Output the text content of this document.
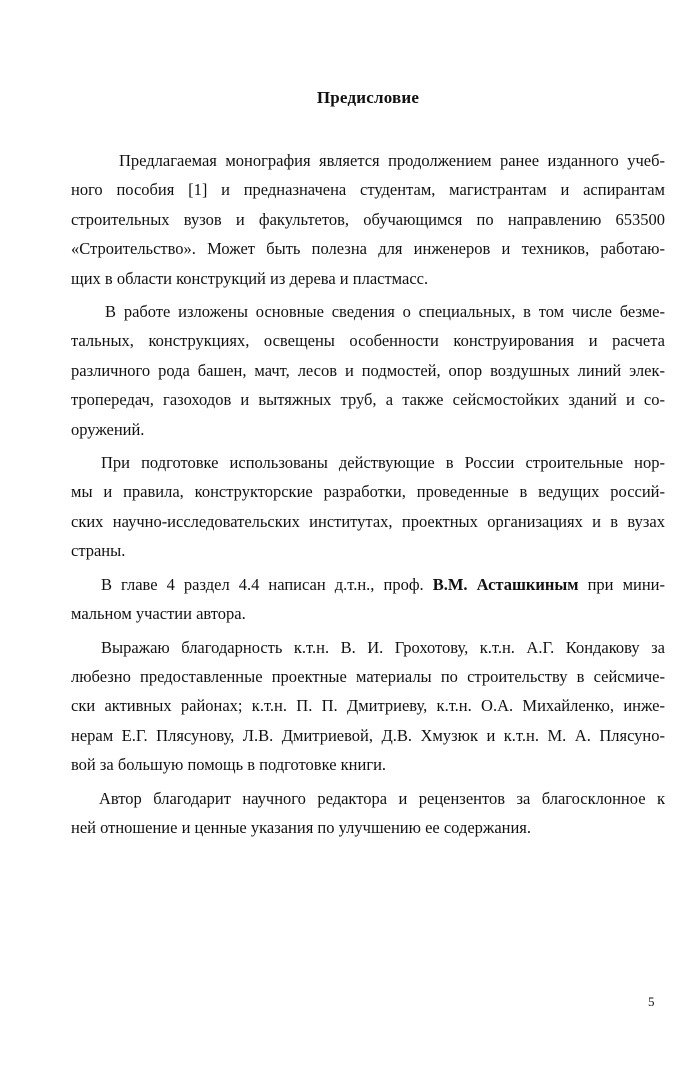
Предисловие
Предлагаемая монография является продолжением ранее изданного учеб-
ного пособия [1] и предназначена студентам, магистрантам и аспирантам
строительных вузов и факультетов, обучающимся по направлению 653500
«Строительство». Может быть полезна для инженеров и техников, работаю-
щих в области конструкций из дерева и пластмасс.
В работе изложены основные сведения о специальных, в том числе безме-
тальных, конструкциях, освещены особенности конструирования и расчета
различного рода башен, мачт, лесов и подмостей, опор воздушных линий элек-
тропередач, газоходов и вытяжных труб, а также сейсмостойких зданий и со-
оружений.
При подготовке использованы действующие в России строительные нор-
мы и правила, конструкторские разработки, проведенные в ведущих россий-
ских научно-исследовательских институтах, проектных организациях и в вузах
страны.
В главе 4 раздел 4.4 написан д.т.н., проф. В.М. Асташкиным при мини-
мальном участии автора.
Выражаю благодарность к.т.н. В. И. Грохотову, к.т.н. А.Г. Кондакову за
любезно предоставленные проектные материалы по строительству в сейсмиче-
ски активных районах; к.т.н. П. П. Дмитриеву, к.т.н. О.А. Михайленко, инже-
нерам Е.Г. Плясунову, Л.В. Дмитриевой, Д.В. Хмузюк и к.т.н. М. А. Плясуно-
вой за большую помощь в подготовке книги.
Автор благодарит научного редактора и рецензентов за благосклонное к
ней отношение и ценные указания по улучшению ее содержания.
5
